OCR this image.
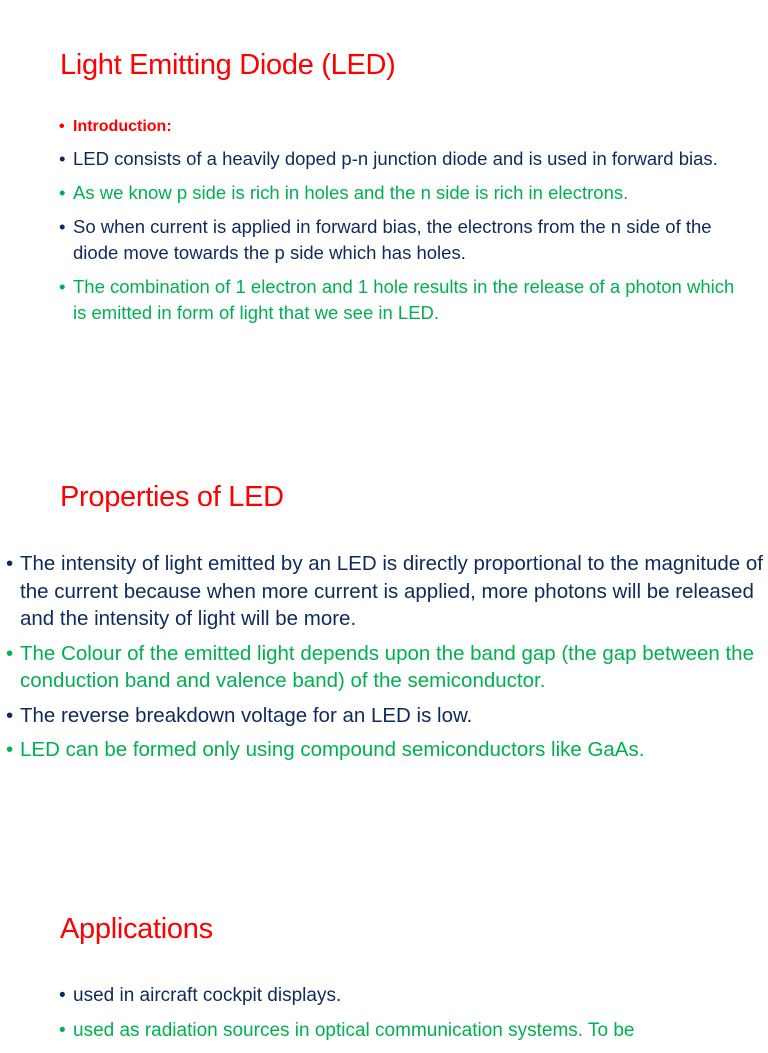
Light Emitting Diode (LED)
• Introduction:
• LED consists of a heavily doped p-n junction diode and is used in forward bias.
• As we know p side is rich in holes and the n side is rich in electrons.
• So when current is applied in forward bias, the electrons from the n side of the diode move towards the p side which has holes.
• The combination of 1 electron and 1 hole results in the release of a photon which is emitted in form of light that we see in LED.
Properties of LED
• The intensity of light emitted by an LED is directly proportional to the magnitude of the current because when more current is applied, more photons will be released and the intensity of light will be more.
• The Colour of the emitted light depends upon the band gap (the gap between the conduction band and valence band) of the semiconductor.
• The reverse breakdown voltage for an LED is low.
• LED can be formed only using compound semiconductors like GaAs.
Applications
• used in aircraft cockpit displays.
• used as radiation sources in optical communication systems. To be
